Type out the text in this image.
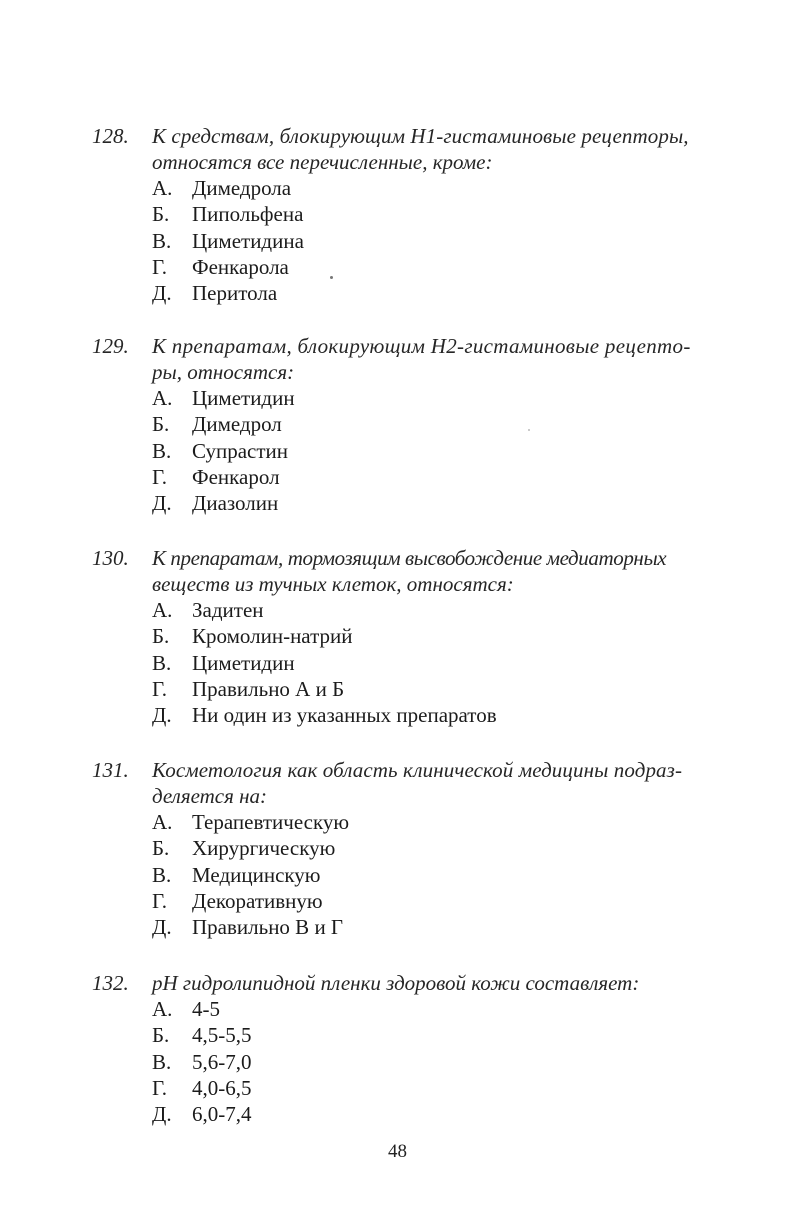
128. К средствам, блокирующим Н1-гистаминовые рецепторы,
относятся все перечисленные, кроме:
А. Димедрола
Б. Пипольфена
В. Циметидина
Г. Фенкарола
Д. Перитола
129. К препаратам, блокирующим Н2-гистаминовые рецепто-
ры, относятся:
А. Циметидин
Б. Димедрол
В. Супрастин
Г. Фенкарол
Д. Диазолин
130. К препаратам, тормозящим высвобождение медиаторных
веществ из тучных клеток, относятся:
А. Задитен
Б. Кромолин-натрий
В. Циметидин
Г. Правильно А и Б
Д. Ни один из указанных препаратов
131. Косметология как область клинической медицины подраз-
деляется на:
А. Терапевтическую
Б. Хирургическую
В. Медицинскую
Г. Декоративную
Д. Правильно В и Г
132. рН гидролипидной пленки здоровой кожи составляет:
А. 4-5
Б. 4,5-5,5
В. 5,6-7,0
Г. 4,0-6,5
Д. 6,0-7,4
48
